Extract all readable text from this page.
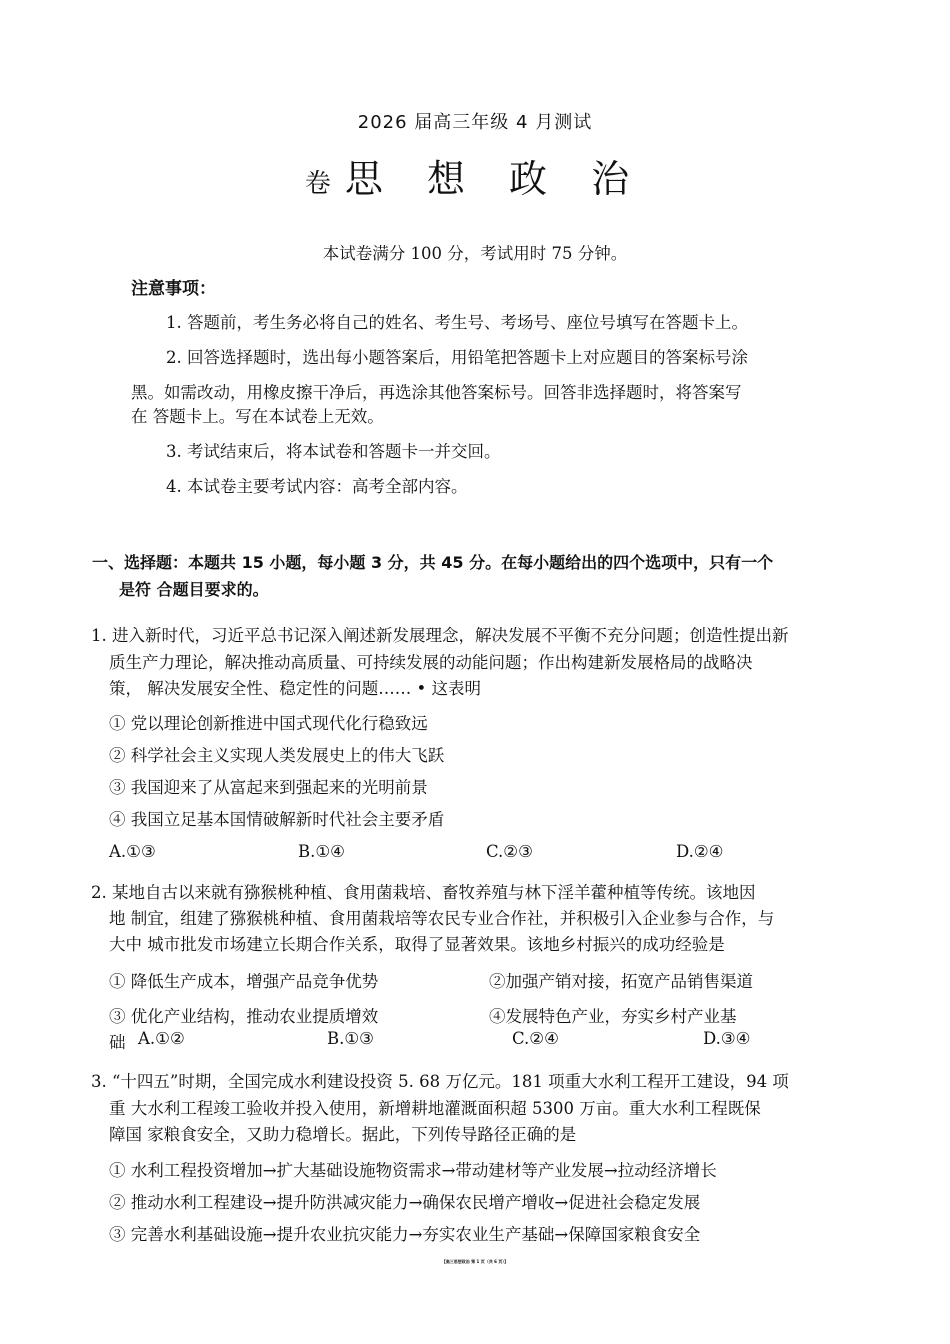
2026 届高三年级 4 月测试
卷 思 想 政 治
本试卷满分 100 分，考试用时 75 分钟。
注意事项：
1. 答题前，考生务必将自己的姓名、考生号、考场号、座位号填写在答题卡上。
2. 回答选择题时，选出每小题答案后，用铅笔把答题卡上对应题目的答案标号涂
黑。如需改动，用橡皮擦干净后，再选涂其他答案标号。回答非选择题时，将答案写
在 答题卡上。写在本试卷上无效。
3. 考试结束后，将本试卷和答题卡一并交回。
4. 本试卷主要考试内容：高考全部内容。
一、选择题：本题共 15 小题，每小题 3 分，共 45 分。在每小题给出的四个选项中，只有一个
是符 合题目要求的。
1. 进入新时代，习近平总书记深入阐述新发展理念，解决发展不平衡不充分问题；创造性提出新
质生产力理论，解决推动高质量、可持续发展的动能问题；作出构建新发展格局的战略决
策， 解决发展安全性、稳定性的问题…… • 这表明
① 党以理论创新推进中国式现代化行稳致远
② 科学社会主义实现人类发展史上的伟大飞跃
③ 我国迎来了从富起来到强起来的光明前景
④ 我国立足基本国情破解新时代社会主要矛盾
A.①③	B.①④	C.②③	D.②④
2. 某地自古以来就有猕猴桃种植、食用菌栽培、畜牧养殖与林下淫羊藿种植等传统。该地因
地 制宜，组建了猕猴桃种植、食用菌栽培等农民专业合作社，并积极引入企业参与合作，与
大中 城市批发市场建立长期合作关系，取得了显著效果。该地乡村振兴的成功经验是
① 降低生产成本，增强产品竞争优势	②加强产销对接，拓宽产品销售渠道
③ 优化产业结构，推动农业提质增效	④发展特色产业，夯实乡村产业基
础 A.①②	B.①③	C.②④	D.③④
3. “十四五”时期，全国完成水利建设投资 5. 68 万亿元。181 项重大水利工程开工建设，94 项
重 大水利工程竣工验收并投入使用，新增耕地灌溉面积超 5300 万亩。重大水利工程既保
障国 家粮食安全，又助力稳增长。据此，下列传导路径正确的是
① 水利工程投资增加→扩大基础设施物资需求→带动建材等产业发展→拉动经济增长
② 推动水利工程建设→提升防洪减灾能力→确保农民增产增收→促进社会稳定发展
③ 完善水利基础设施→提升农业抗灾能力→夯实农业生产基础→保障国家粮食安全
【高三思想政治 第 1 页（共 6 页）】
